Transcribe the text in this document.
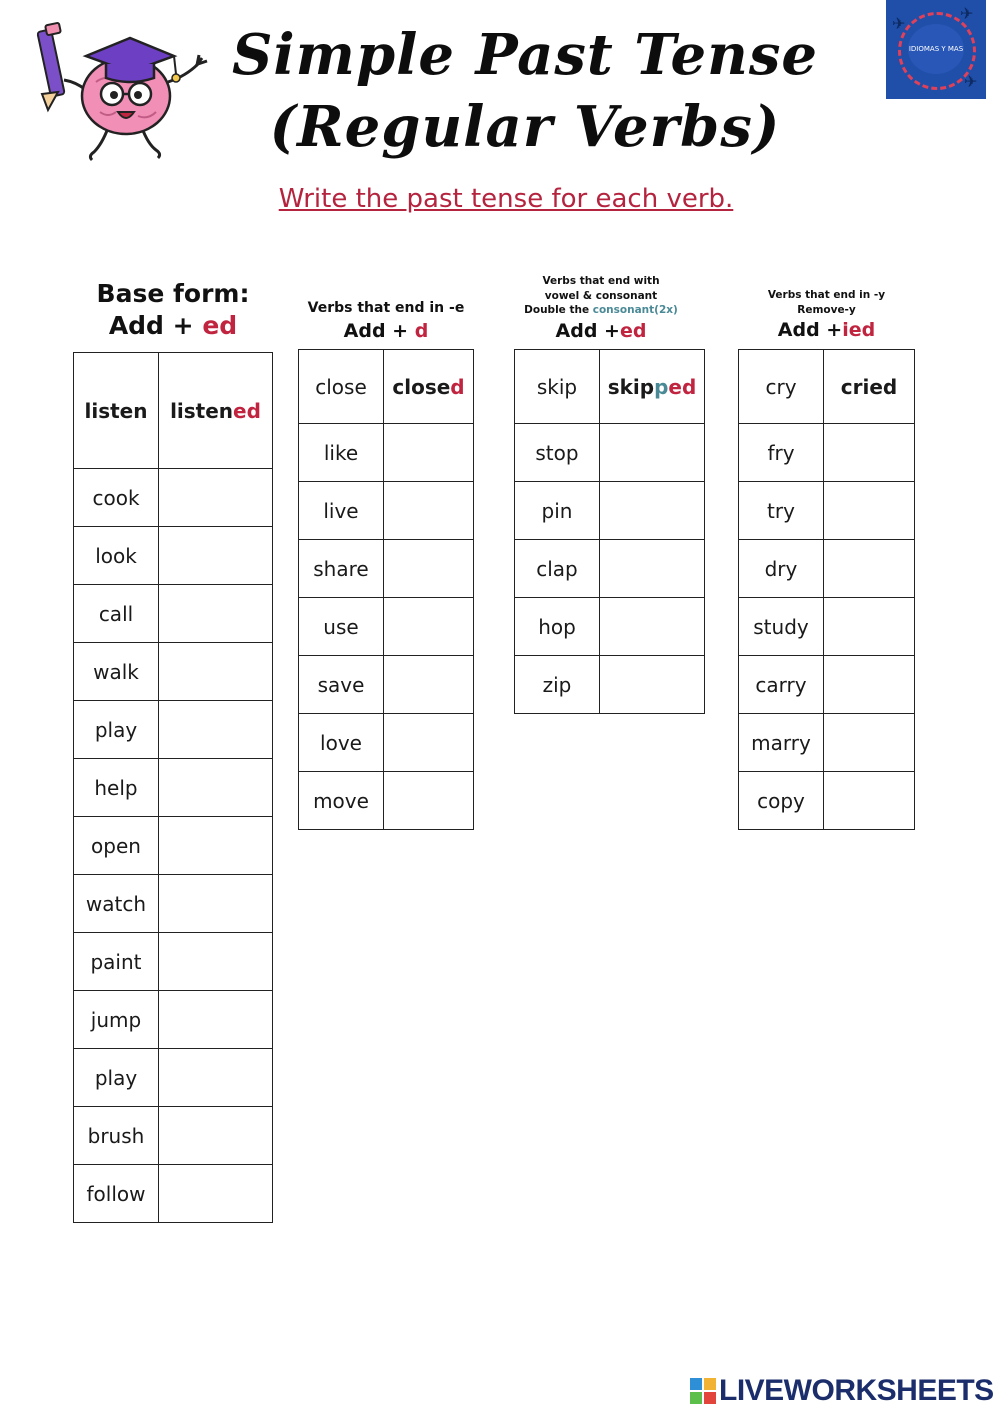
Simple Past Tense
(Regular Verbs)
✈
✈
✈
IDIOMAS Y MAS
Write the past tense for each verb.
Base form:
Add + ed
Verbs that end in -e
Add + d
Verbs that end with
vowel & consonant
Double the consonant(2x)
Add +ed
Verbs that end in -y
Remove-y
Add +ied
listen	listened
cook	
look	
call	
walk	
play	
help	
open	
watch	
paint	
jump	
play	
brush	
follow	
close	closed
like	
live	
share	
use	
save	
love	
move	
skip	skipped
stop	
pin	
clap	
hop	
zip	
cry	cried
fry	
try	
dry	
study	
carry	
marry	
copy	
LIVEWORKSHEETS
